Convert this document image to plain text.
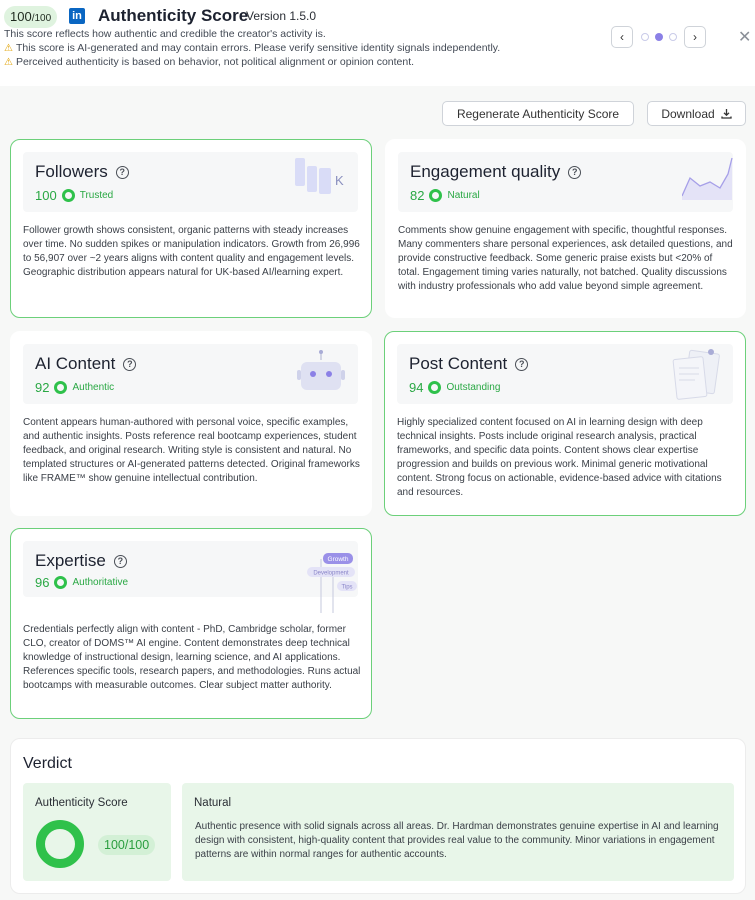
100 /100 in Authenticity Score
Version 1.5.0
This score reflects how authentic and credible the creator's activity is.
⚠ This score is AI-generated and may contain errors. Please verify sensitive identity signals independently.
⚠ Perceived authenticity is based on behavior, not political alignment or opinion content.
‹	›	✕
Regenerate Authenticity Score	Download
Followers	?
100 Trusted
K
Follower growth shows consistent, organic patterns with steady increases over time. No sudden spikes or manipulation indicators. Growth from 26,996 to 56,907 over ~2 years aligns with content quality and engagement levels. Geographic distribution appears natural for UK-based AI/learning expert.
Engagement quality	?
82 Natural
Comments show genuine engagement with specific, thoughtful responses. Many commenters share personal experiences, ask detailed questions, and provide constructive feedback. Some generic praise exists but <20% of total. Engagement timing varies naturally, not batched. Quality discussions with industry professionals who add value beyond simple agreement.
AI Content	?
92 Authentic
Content appears human-authored with personal voice, specific examples, and authentic insights. Posts reference real bootcamp experiences, student feedback, and original research. Writing style is consistent and natural. No templated structures or AI-generated patterns detected. Original frameworks like FRAME™ show genuine intellectual contribution.
Post Content	?
94 Outstanding
Highly specialized content focused on AI in learning design with deep technical insights. Posts include original research analysis, practical frameworks, and specific data points. Content shows clear expertise progression and builds on previous work. Minimal generic motivational content. Strong focus on actionable, evidence-based advice with citations and resources.
Expertise	?
96 Authoritative
Growth
Development
Tips
Credentials perfectly align with content - PhD, Cambridge scholar, former CLO, creator of DOMS™ AI engine. Content demonstrates deep technical knowledge of instructional design, learning science, and AI applications. References specific tools, research papers, and methodologies. Runs actual bootcamps with measurable outcomes. Clear subject matter authority.
Verdict
Authenticity Score
100/100
Natural
Authentic presence with solid signals across all areas. Dr. Hardman demonstrates genuine expertise in AI and learning design with consistent, high-quality content that provides real value to the community. Minor variations in engagement patterns are within normal ranges for authentic accounts.
